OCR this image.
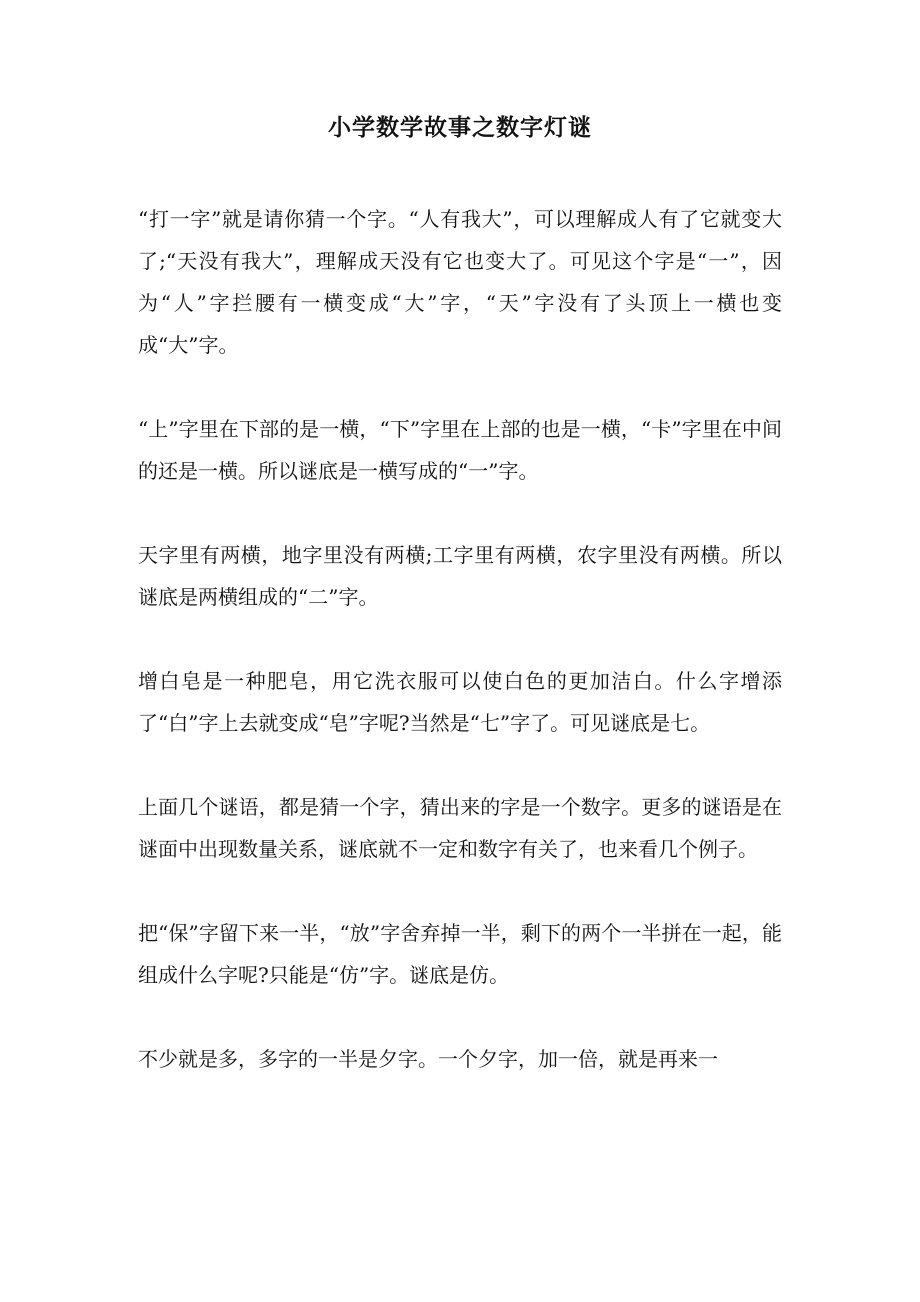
小学数学故事之数字灯谜

“打一字”就是请你猜一个字。“人有我大”，可以理解成人有了它就变大了;“天没有我大”，理解成天没有它也变大了。可见这个字是“一”，因为“人”字拦腰有一横变成“大”字，“天”字没有了头顶上一横也变成“大”字。

“上”字里在下部的是一横，“下”字里在上部的也是一横，“卡”字里在中间的还是一横。所以谜底是一横写成的“一”字。

天字里有两横，地字里没有两横;工字里有两横，农字里没有两横。所以谜底是两横组成的“二”字。

增白皂是一种肥皂，用它洗衣服可以使白色的更加洁白。什么字增添了“白”字上去就变成“皂”字呢?当然是“七”字了。可见谜底是七。

上面几个谜语，都是猜一个字，猜出来的字是一个数字。更多的谜语是在谜面中出现数量关系，谜底就不一定和数字有关了，也来看几个例子。

把“保”字留下来一半，“放”字舍弃掉一半，剩下的两个一半拼在一起，能组成什么字呢?只能是“仿”字。谜底是仿。

不少就是多，多字的一半是夕字。一个夕字，加一倍，就是再来一
